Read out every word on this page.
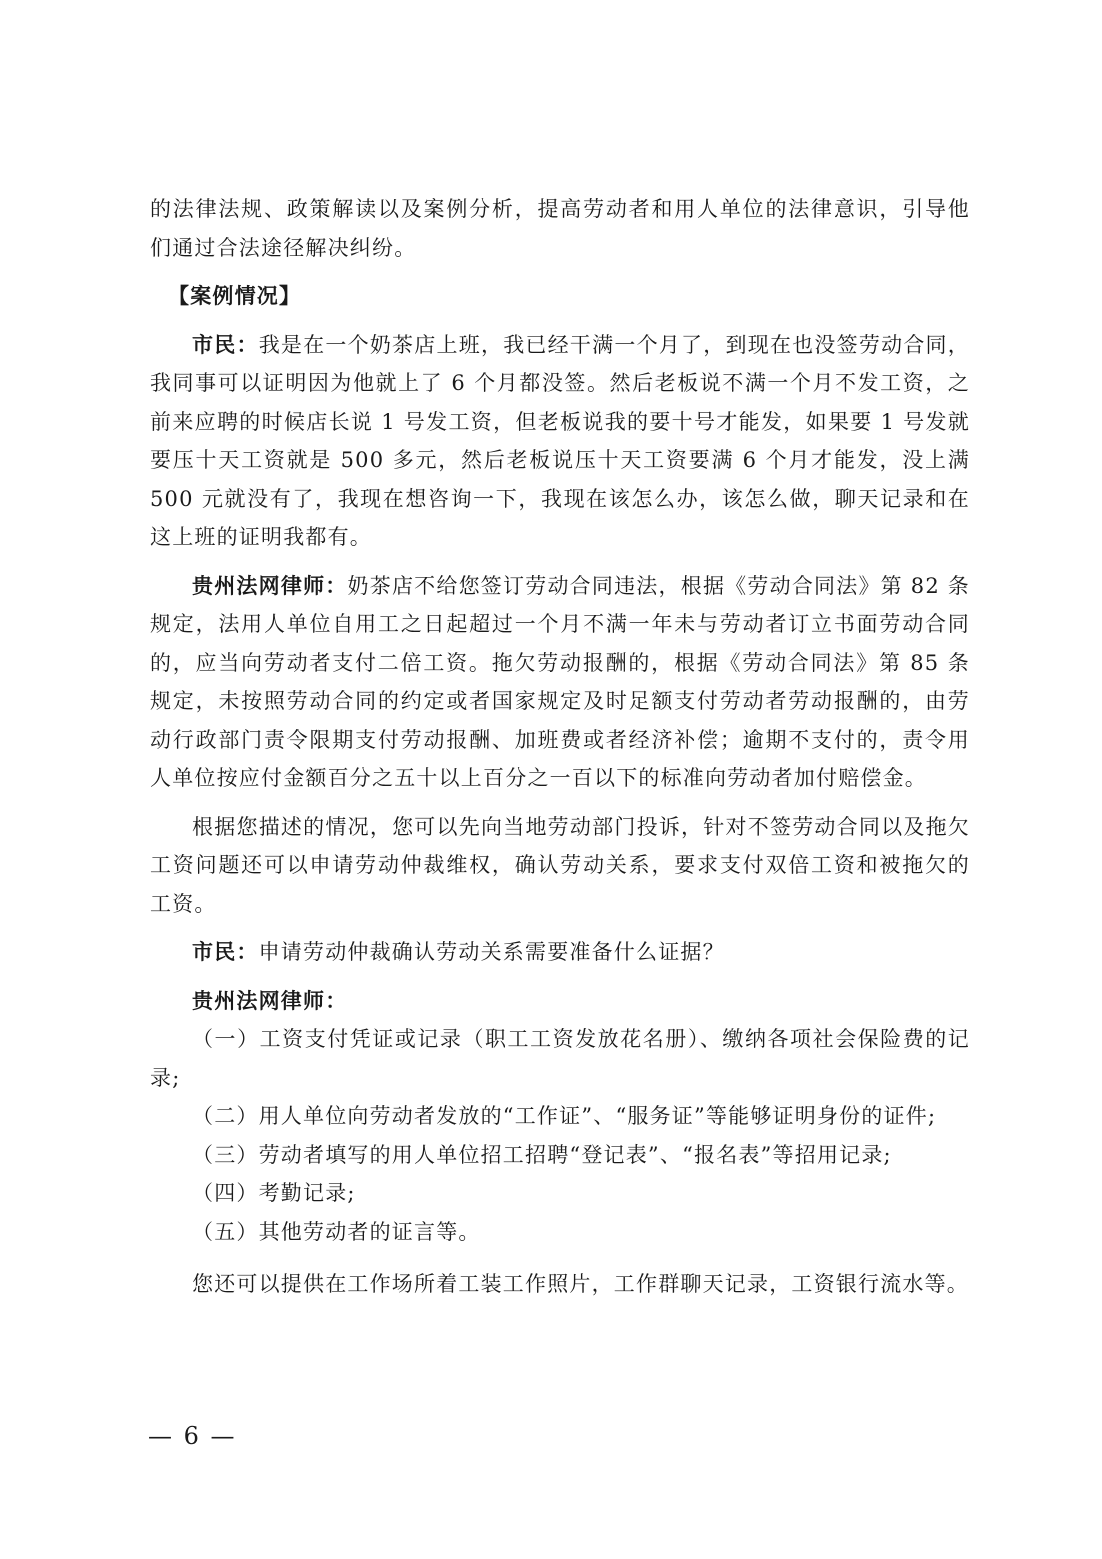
的法律法规、政策解读以及案例分析，提高劳动者和用人单位的法律意识，引导他们通过合法途径解决纠纷。

【案例情况】

市民：我是在一个奶茶店上班，我已经干满一个月了，到现在也没签劳动合同，我同事可以证明因为他就上了 6 个月都没签。然后老板说不满一个月不发工资，之前来应聘的时候店长说 1 号发工资，但老板说我的要十号才能发，如果要 1 号发就要压十天工资就是 500 多元，然后老板说压十天工资要满 6 个月才能发，没上满 500 元就没有了，我现在想咨询一下，我现在该怎么办，该怎么做，聊天记录和在这上班的证明我都有。

贵州法网律师：奶茶店不给您签订劳动合同违法，根据《劳动合同法》第 82 条规定，法用人单位自用工之日起超过一个月不满一年未与劳动者订立书面劳动合同的，应当向劳动者支付二倍工资。拖欠劳动报酬的，根据《劳动合同法》第 85 条规定，未按照劳动合同的约定或者国家规定及时足额支付劳动者劳动报酬的，由劳动行政部门责令限期支付劳动报酬、加班费或者经济补偿；逾期不支付的，责令用人单位按应付金额百分之五十以上百分之一百以下的标准向劳动者加付赔偿金。

根据您描述的情况，您可以先向当地劳动部门投诉，针对不签劳动合同以及拖欠工资问题还可以申请劳动仲裁维权，确认劳动关系，要求支付双倍工资和被拖欠的工资。

市民：申请劳动仲裁确认劳动关系需要准备什么证据？

贵州法网律师：

（一）工资支付凭证或记录（职工工资发放花名册）、缴纳各项社会保险费的记录;

（二）用人单位向劳动者发放的“工作证”、“服务证”等能够证明身份的证件;

（三）劳动者填写的用人单位招工招聘“登记表”、“报名表”等招用记录;

（四）考勤记录;

（五）其他劳动者的证言等。

您还可以提供在工作场所着工装工作照片，工作群聊天记录，工资银行流水等。

— 6 —
